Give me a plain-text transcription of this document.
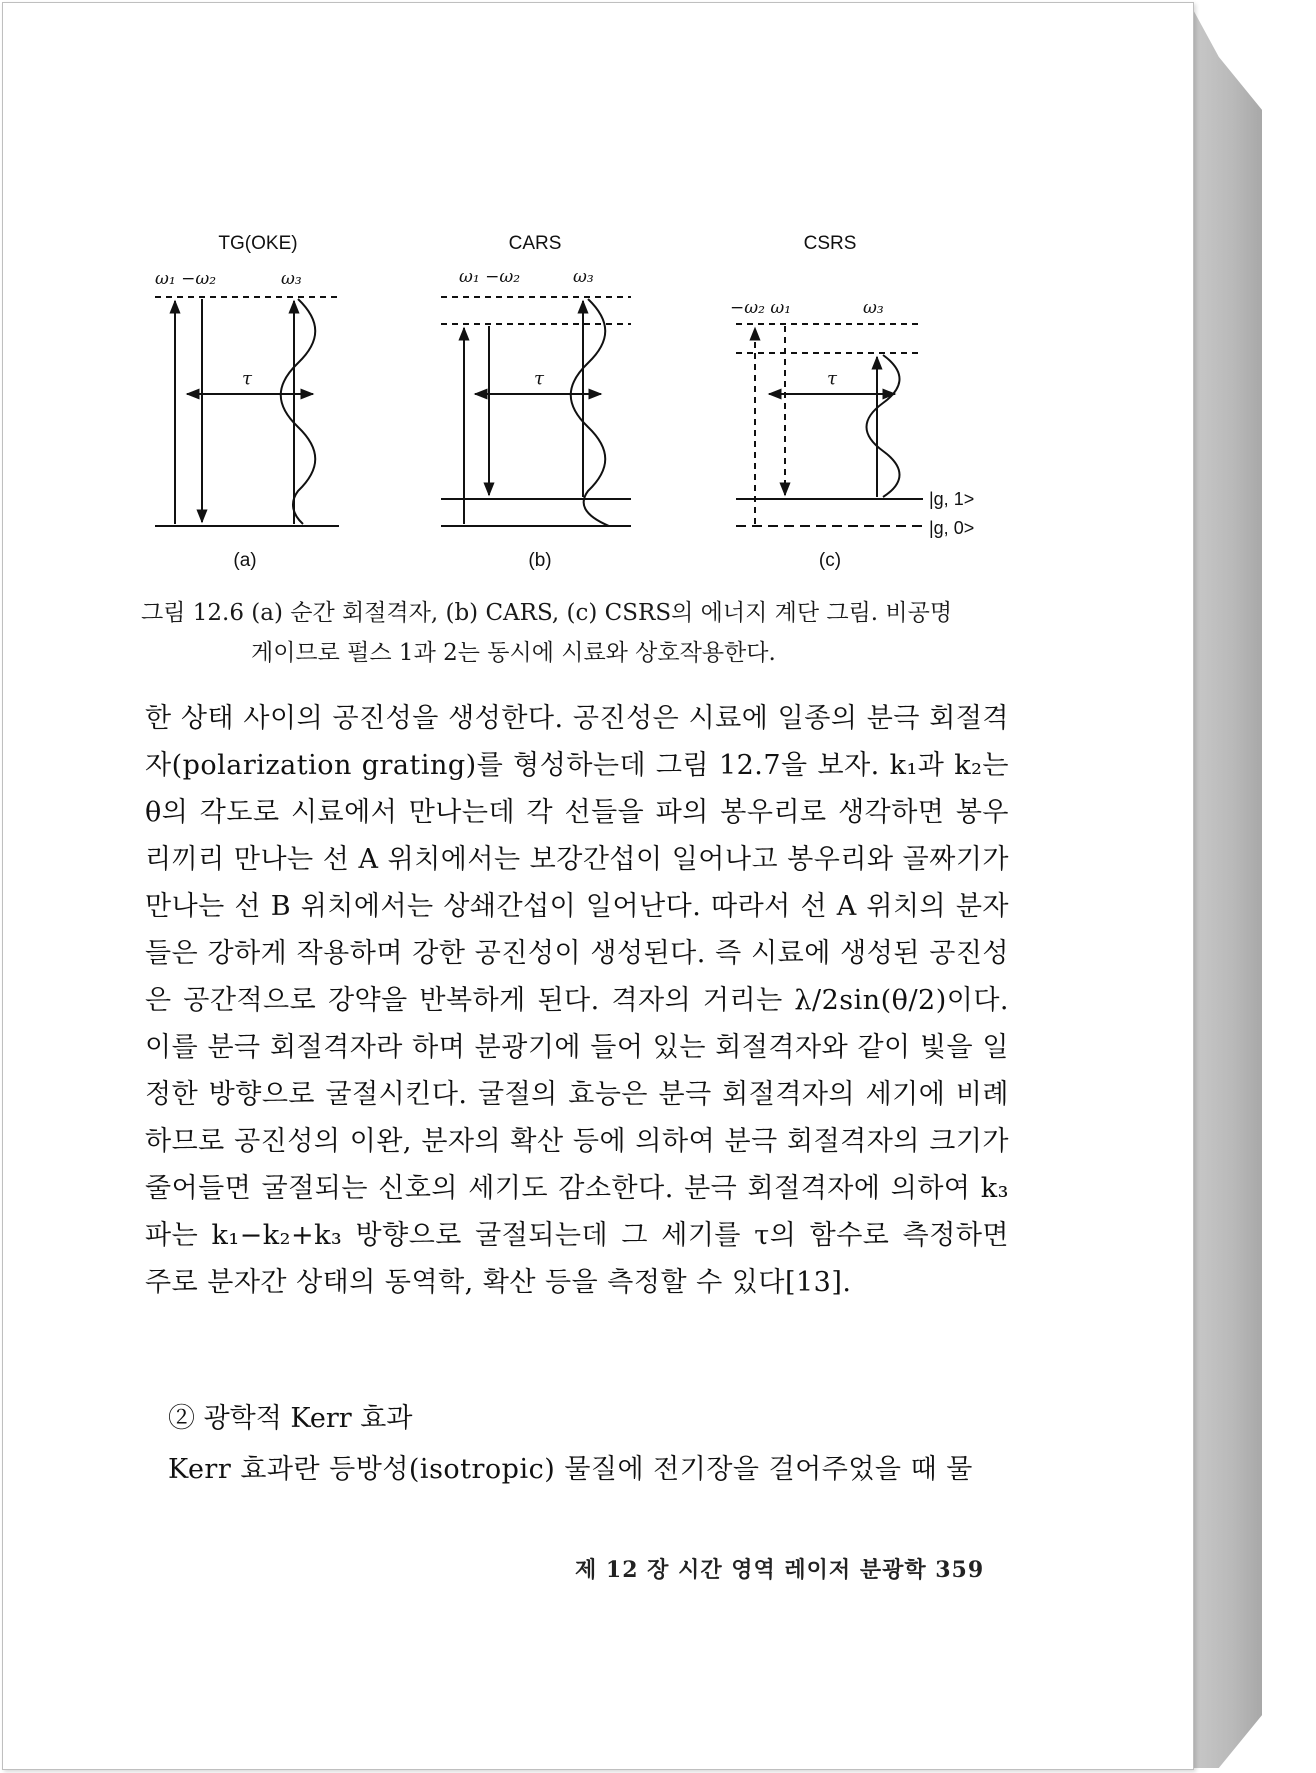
TG(OKE)	CARS	CSRS
ω₁ −ω₂	ω₃	ω₁ −ω₂	ω₃
−ω₂ ω₁	ω₃
τ	τ	τ
|g, 1>
|g, 0>
(a)	(b)	(c)
그림 12.6 (a) 순간 회절격자, (b) CARS, (c) CSRS의 에너지 계단 그림. 비공명
게이므로 펄스 1과 2는 동시에 시료와 상호작용한다.
한 상태 사이의 공진성을 생성한다. 공진성은 시료에 일종의 분극 회절격자(polarization grating)를 형성하는데 그림 12.7을 보자. k₁과 k₂는 θ의 각도로 시료에서 만나는데 각 선들을 파의 봉우리로 생각하면 봉우리끼리 만나는 선 A 위치에서는 보강간섭이 일어나고 봉우리와 골짜기가 만나는 선 B 위치에서는 상쇄간섭이 일어난다. 따라서 선 A 위치의 분자들은 강하게 작용하며 강한 공진성이 생성된다. 즉 시료에 생성된 공진성은 공간적으로 강약을 반복하게 된다. 격자의 거리는 λ/2sin(θ/2)이다. 이를 분극 회절격자라 하며 분광기에 들어 있는 회절격자와 같이 빛을 일정한 방향으로 굴절시킨다. 굴절의 효능은 분극 회절격자의 세기에 비례하므로 공진성의 이완, 분자의 확산 등에 의하여 분극 회절격자의 크기가 줄어들면 굴절되는 신호의 세기도 감소한다. 분극 회절격자에 의하여 k₃ 파는 k₁−k₂+k₃ 방향으로 굴절되는데 그 세기를 τ의 함수로 측정하면 주로 분자간 상태의 동역학, 확산 등을 측정할 수 있다[13].
② 광학적 Kerr 효과
Kerr 효과란 등방성(isotropic) 물질에 전기장을 걸어주었을 때 물
제 12 장 시간 영역 레이저 분광학 359
